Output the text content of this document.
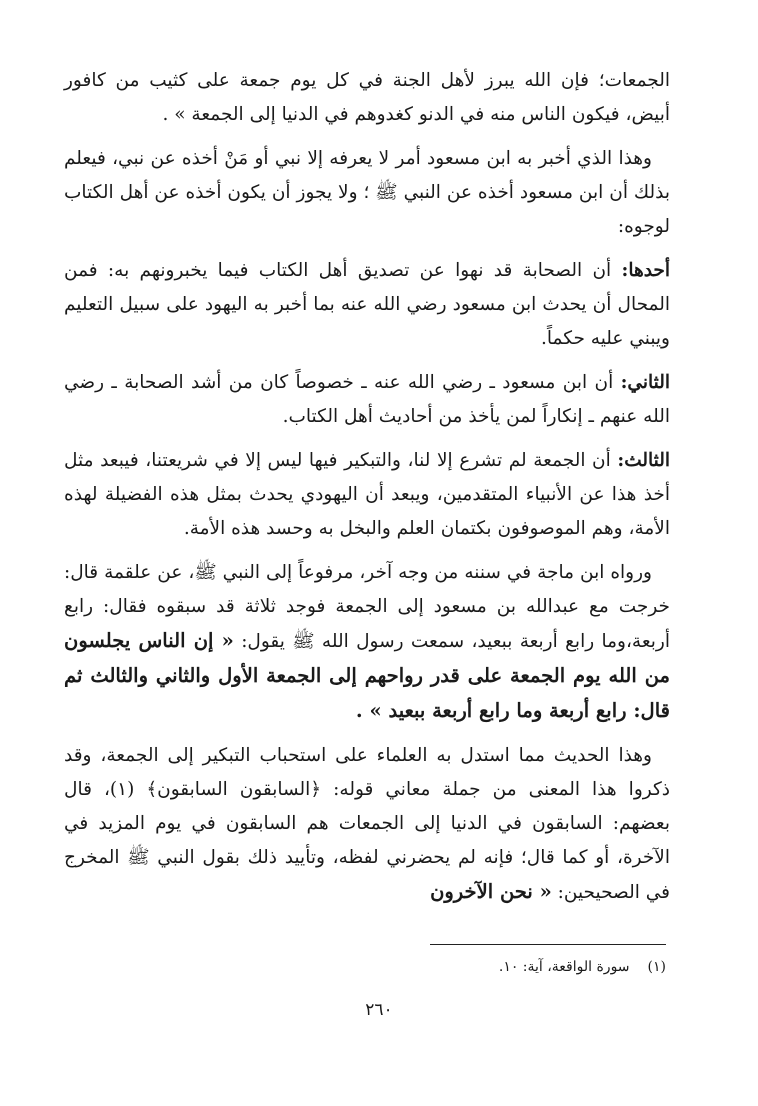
الجمعات؛ فإن الله يبرز لأهل الجنة في كل يوم جمعة على كثيب من كافور أبيض، فيكون الناس منه في الدنو كغدوهم في الدنيا إلى الجمعة » .

وهذا الذي أخبر به ابن مسعود أمر لا يعرفه إلا نبي أو مَنْ أخذه عن نبي، فيعلم بذلك أن ابن مسعود أخذه عن النبي ﷺ ؛ ولا يجوز أن يكون أخذه عن أهل الكتاب لوجوه:

أحدها: أن الصحابة قد نهوا عن تصديق أهل الكتاب فيما يخبرونهم به: فمن المحال أن يحدث ابن مسعود رضي الله عنه بما أخبر به اليهود على سبيل التعليم ويبني عليه حكماً.

الثاني: أن ابن مسعود ـ رضي الله عنه ـ خصوصاً كان من أشد الصحابة ـ رضي الله عنهم ـ إنكاراً لمن يأخذ من أحاديث أهل الكتاب.

الثالث: أن الجمعة لم تشرع إلا لنا، والتبكير فيها ليس إلا في شريعتنا، فيبعد مثل أخذ هذا عن الأنبياء المتقدمين، ويبعد أن اليهودي يحدث بمثل هذه الفضيلة لهذه الأمة، وهم الموصوفون بكتمان العلم والبخل به وحسد هذه الأمة.

ورواه ابن ماجة في سننه من وجه آخر، مرفوعاً إلى النبي ﷺ، عن علقمة قال: خرجت مع عبدالله بن مسعود إلى الجمعة فوجد ثلاثة قد سبقوه فقال: رابع أربعة،وما رابع أربعة ببعيد، سمعت رسول الله ﷺ يقول: « إن الناس يجلسون من الله يوم الجمعة على قدر رواحهم إلى الجمعة الأول والثاني والثالث ثم قال: رابع أربعة وما رابع أربعة ببعيد » .

وهذا الحديث مما استدل به العلماء على استحباب التبكير إلى الجمعة، وقد ذكروا هذا المعنى من جملة معاني قوله: ﴿السابقون السابقون﴾ (١)، قال بعضهم: السابقون في الدنيا إلى الجمعات هم السابقون في يوم المزيد في الآخرة، أو كما قال؛ فإنه لم يحضرني لفظه، وتأييد ذلك بقول النبي ﷺ المخرج في الصحيحين: « نحن الآخرون

(١)سورة الواقعة، آية: ١٠.
٢٦٠
